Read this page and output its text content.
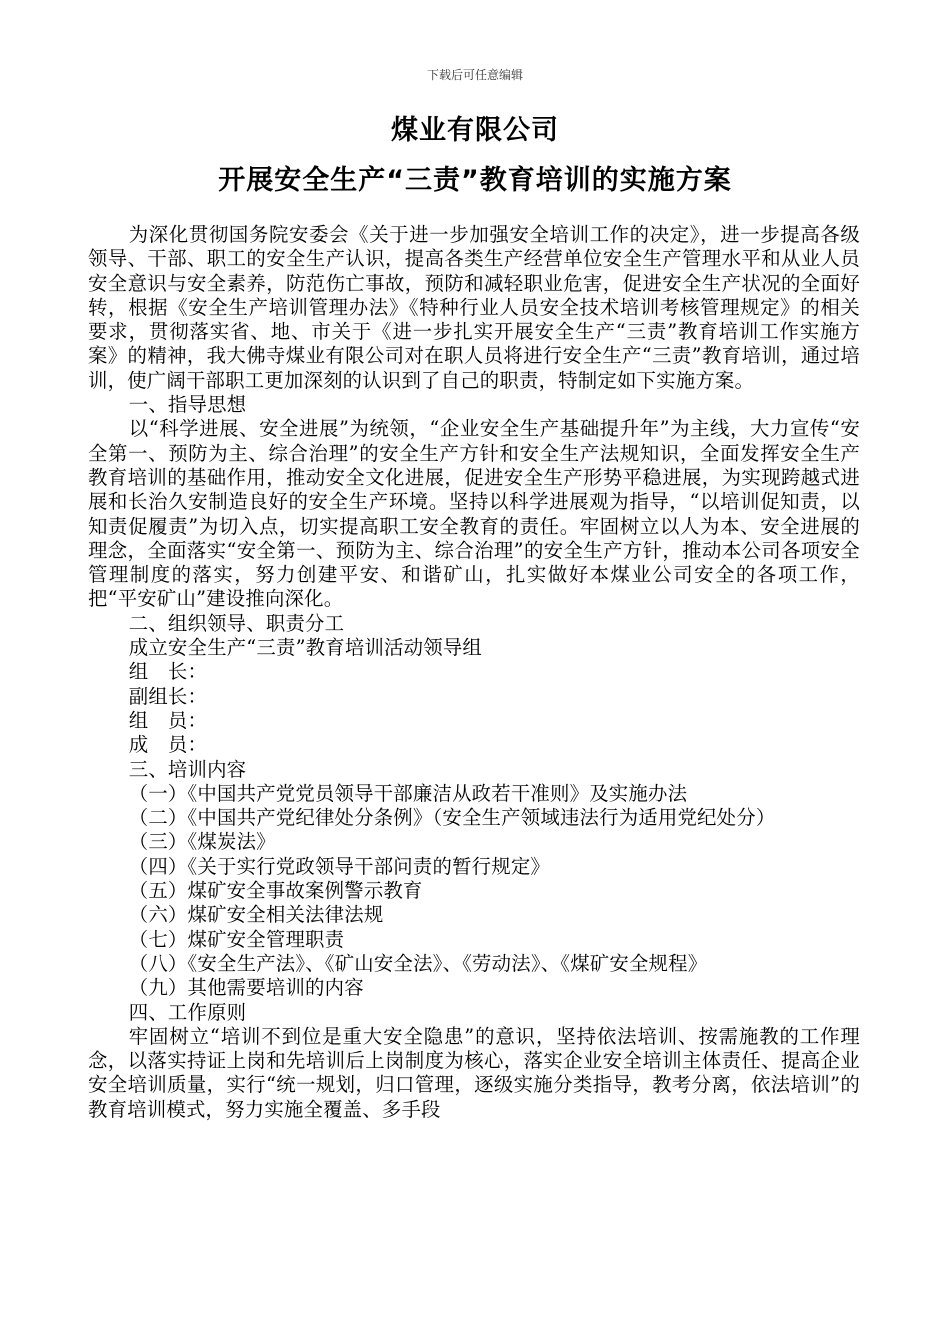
下载后可任意编辑
煤业有限公司
开展安全生产“三责”教育培训的实施方案

为深化贯彻国务院安委会《关于进一步加强安全培训工作的决定》，进一步提高各级领导、干部、职工的安全生产认识，提高各类生产经营单位安全生产管理水平和从业人员安全意识与安全素养，防范伤亡事故，预防和减轻职业危害，促进安全生产状况的全面好转，根据《安全生产培训管理办法》《特种行业人员安全技术培训考核管理规定》的相关要求，贯彻落实省、地、市关于《进一步扎实开展安全生产“三责”教育培训工作实施方案》的精神，我大佛寺煤业有限公司对在职人员将进行安全生产“三责”教育培训，通过培训，使广阔干部职工更加深刻的认识到了自己的职责，特制定如下实施方案。

一、指导思想

以“科学进展、安全进展”为统领，“企业安全生产基础提升年”为主线，大力宣传“安全第一、预防为主、综合治理”的安全生产方针和安全生产法规知识，全面发挥安全生产教育培训的基础作用，推动安全文化进展，促进安全生产形势平稳进展，为实现跨越式进展和长治久安制造良好的安全生产环境。坚持以科学进展观为指导，“以培训促知责，以知责促履责”为切入点，切实提高职工安全教育的责任。牢固树立以人为本、安全进展的理念，全面落实“安全第一、预防为主、综合治理”的安全生产方针，推动本公司各项安全管理制度的落实，努力创建平安、和谐矿山，扎实做好本煤业公司安全的各项工作，把“平安矿山”建设推向深化。

二、组织领导、职责分工

成立安全生产“三责”教育培训活动领导组

组　长：

副组长：

组　员：

成　员：

三、培训内容

（一）《中国共产党党员领导干部廉洁从政若干准则》及实施办法

（二）《中国共产党纪律处分条例》（安全生产领域违法行为适用党纪处分）

（三）《煤炭法》

（四）《关于实行党政领导干部问责的暂行规定》

（五）煤矿安全事故案例警示教育

（六）煤矿安全相关法律法规

（七）煤矿安全管理职责

（八）《安全生产法》、《矿山安全法》、《劳动法》、《煤矿安全规程》

（九）其他需要培训的内容

四、工作原则

牢固树立“培训不到位是重大安全隐患”的意识，坚持依法培训、按需施教的工作理念，以落实持证上岗和先培训后上岗制度为核心，落实企业安全培训主体责任、提高企业安全培训质量，实行“统一规划，归口管理，逐级实施分类指导，教考分离，依法培训”的教育培训模式，努力实施全覆盖、多手段
